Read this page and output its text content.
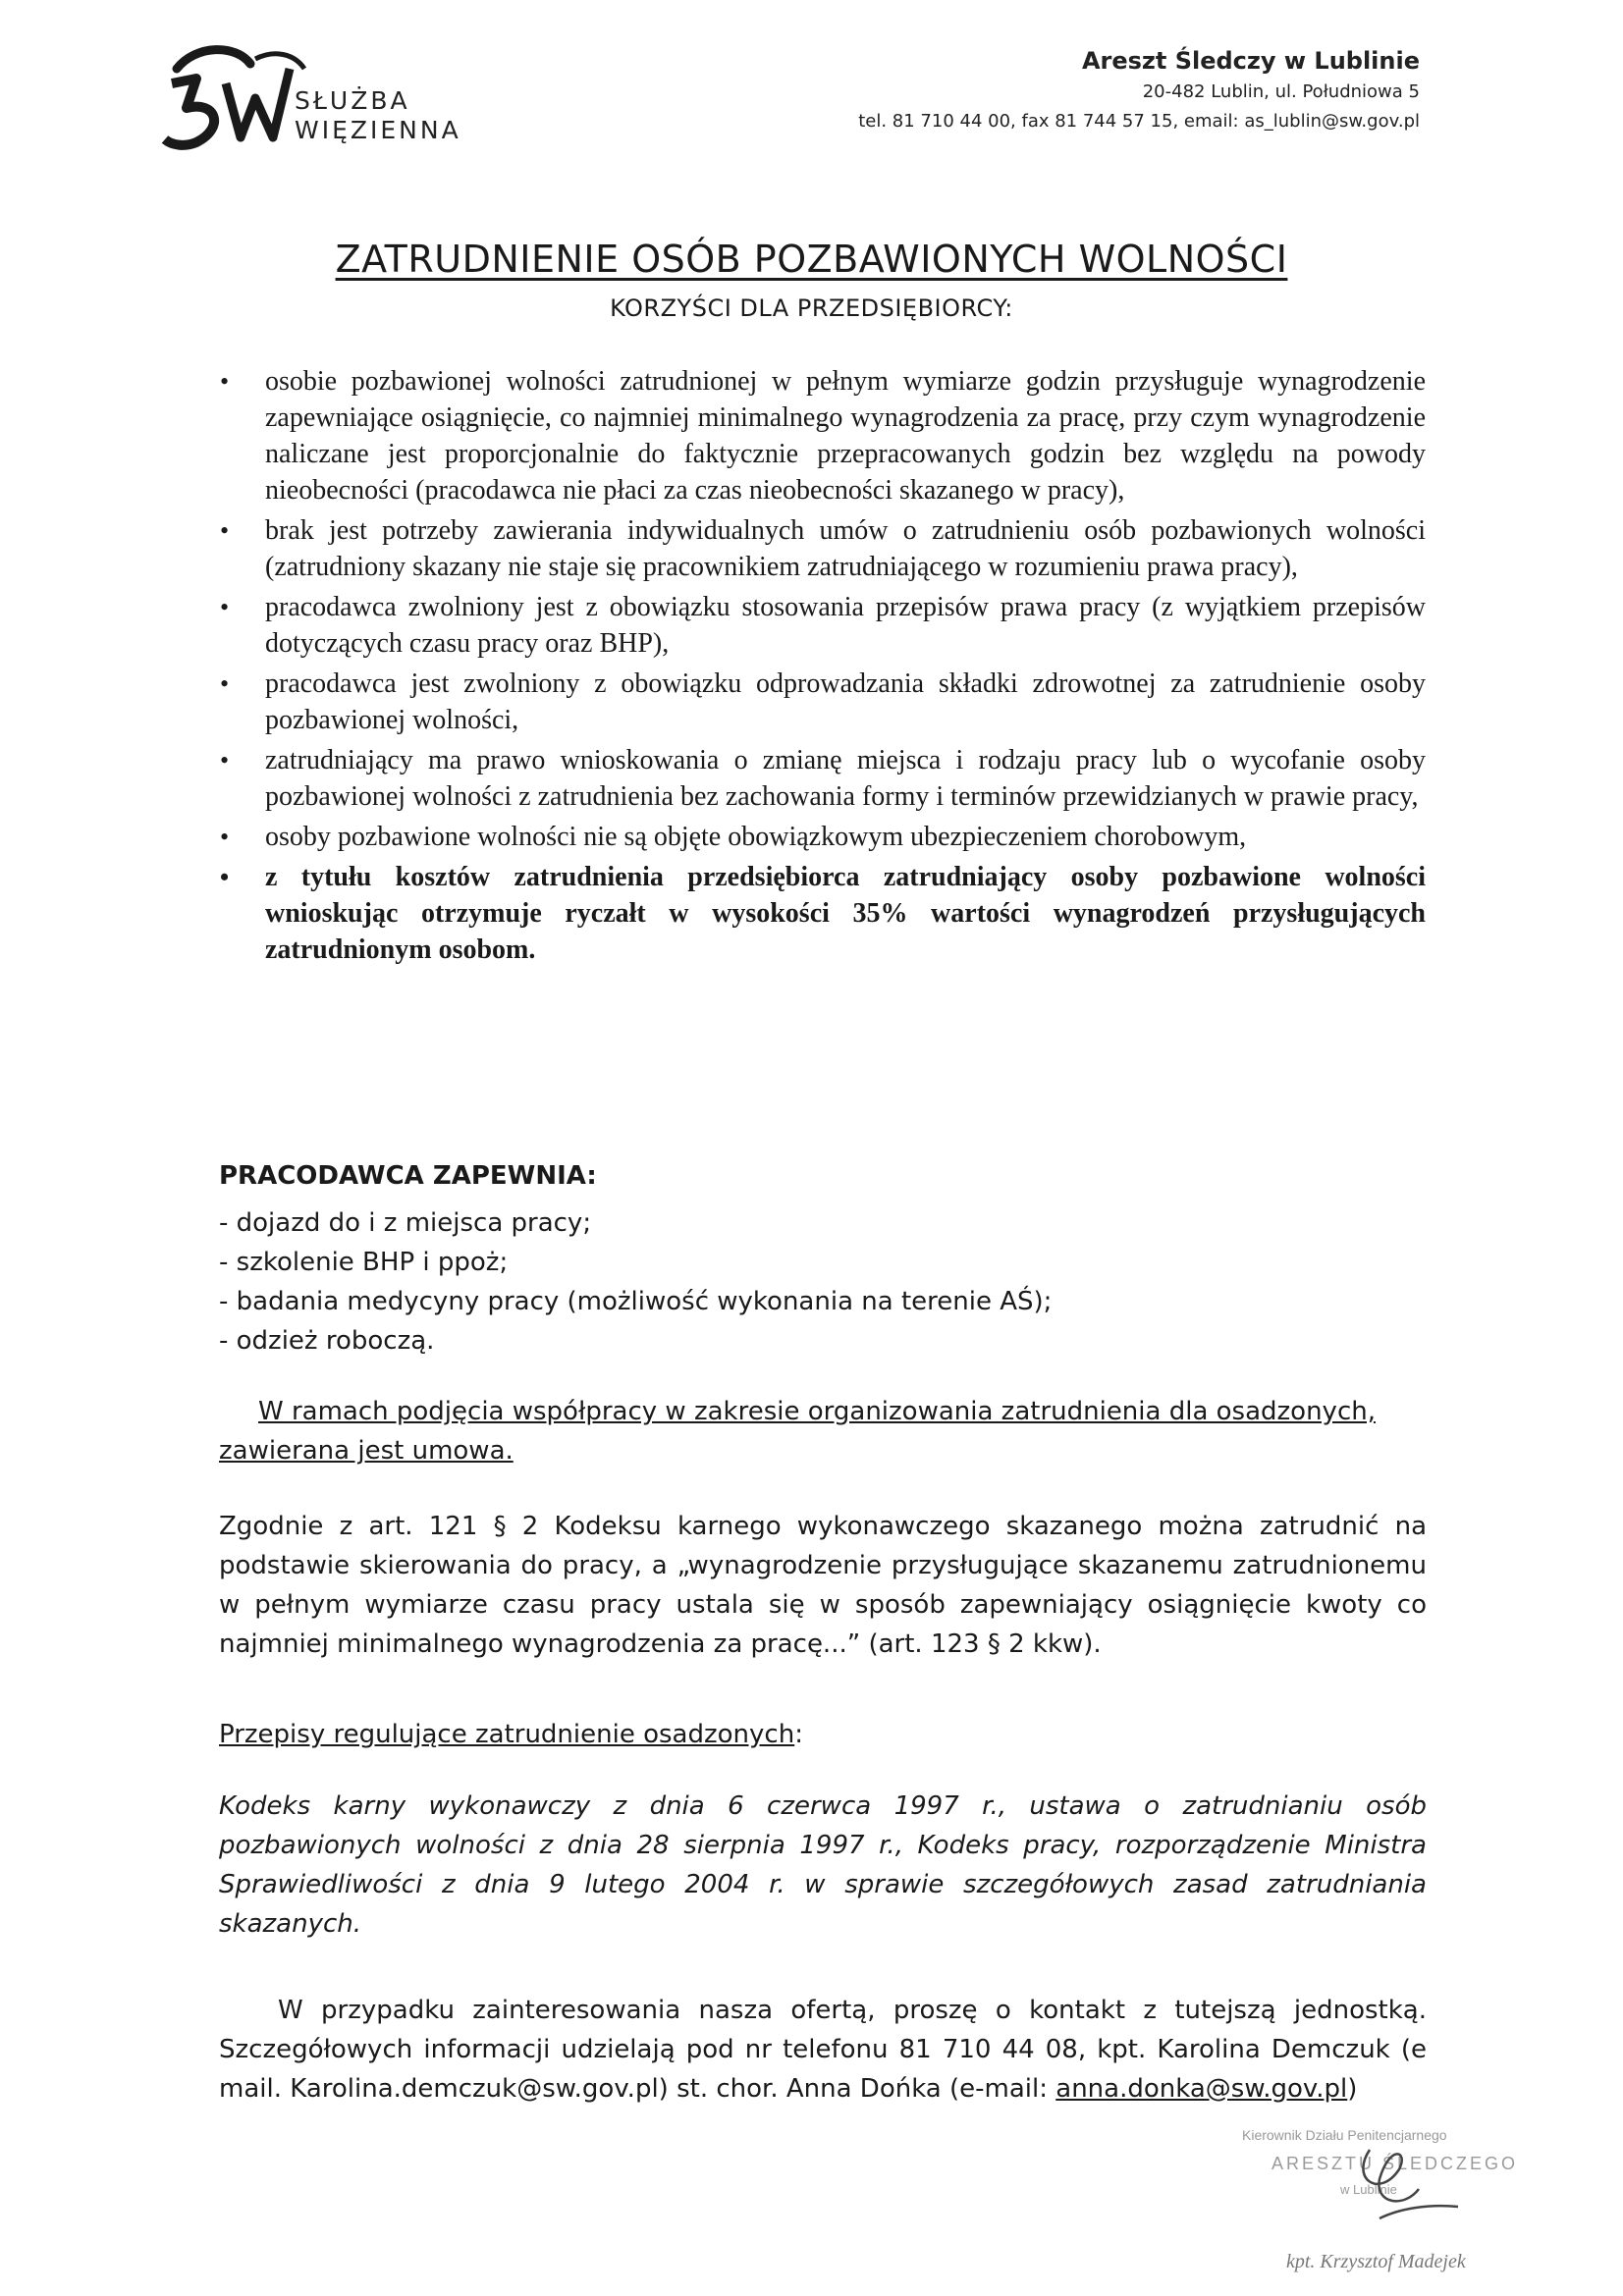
SŁUŻBA
WIĘZIENNA
Areszt Śledczy w Lublinie
20-482 Lublin, ul. Południowa 5
tel. 81 710 44 00, fax 81 744 57 15, email: as_lublin@sw.gov.pl
ZATRUDNIENIE OSÓB POZBAWIONYCH WOLNOŚCI
KORZYŚCI DLA PRZEDSIĘBIORCY:
• osobie pozbawionej wolności zatrudnionej w pełnym wymiarze godzin przysługuje wynagrodzenie zapewniające osiągnięcie, co najmniej minimalnego wynagrodzenia za pracę, przy czym wynagrodzenie naliczane jest proporcjonalnie do faktycznie przepracowanych godzin bez względu na powody nieobecności (pracodawca nie płaci za czas nieobecności skazanego w pracy),
• brak jest potrzeby zawierania indywidualnych umów o zatrudnieniu osób pozbawionych wolności (zatrudniony skazany nie staje się pracownikiem zatrudniającego w rozumieniu prawa pracy),
• pracodawca zwolniony jest z obowiązku stosowania przepisów prawa pracy (z wyjątkiem przepisów dotyczących czasu pracy oraz BHP),
• pracodawca jest zwolniony z obowiązku odprowadzania składki zdrowotnej za zatrudnienie osoby pozbawionej wolności,
• zatrudniający ma prawo wnioskowania o zmianę miejsca i rodzaju pracy lub o wycofanie osoby pozbawionej wolności z zatrudnienia bez zachowania formy i terminów przewidzianych w prawie pracy,
• osoby pozbawione wolności nie są objęte obowiązkowym ubezpieczeniem chorobowym,
• z tytułu kosztów zatrudnienia przedsiębiorca zatrudniający osoby pozbawione wolności wnioskując otrzymuje ryczałt w wysokości 35% wartości wynagrodzeń przysługujących zatrudnionym osobom.
PRACODAWCA ZAPEWNIA:
- dojazd do i z miejsca pracy;
- szkolenie BHP i ppoż;
- badania medycyny pracy (możliwość wykonania na terenie AŚ);
- odzież roboczą.
W ramach podjęcia współpracy w zakresie organizowania zatrudnienia dla osadzonych, zawierana jest umowa.
Zgodnie z art. 121 § 2 Kodeksu karnego wykonawczego skazanego można zatrudnić na podstawie skierowania do pracy, a „wynagrodzenie przysługujące skazanemu zatrudnionemu w pełnym wymiarze czasu pracy ustala się w sposób zapewniający osiągnięcie kwoty co najmniej minimalnego wynagrodzenia za pracę...” (art. 123 § 2 kkw).
Przepisy regulujące zatrudnienie osadzonych:
Kodeks karny wykonawczy z dnia 6 czerwca 1997 r., ustawa o zatrudnianiu osób pozbawionych wolności z dnia 28 sierpnia 1997 r., Kodeks pracy, rozporządzenie Ministra Sprawiedliwości z dnia 9 lutego 2004 r. w sprawie szczegółowych zasad zatrudniania skazanych.
W przypadku zainteresowania nasza ofertą, proszę o kontakt z tutejszą jednostką. Szczegółowych informacji udzielają pod nr telefonu 81 710 44 08, kpt. Karolina Demczuk (e mail. Karolina.demczuk@sw.gov.pl) st. chor. Anna Dońka (e-mail: anna.donka@sw.gov.pl)
Kierownik Działu Penitencjarnego
ARESZTU ŚLEDCZEGO
w Lublinie
kpt. Krzysztof Madejek
